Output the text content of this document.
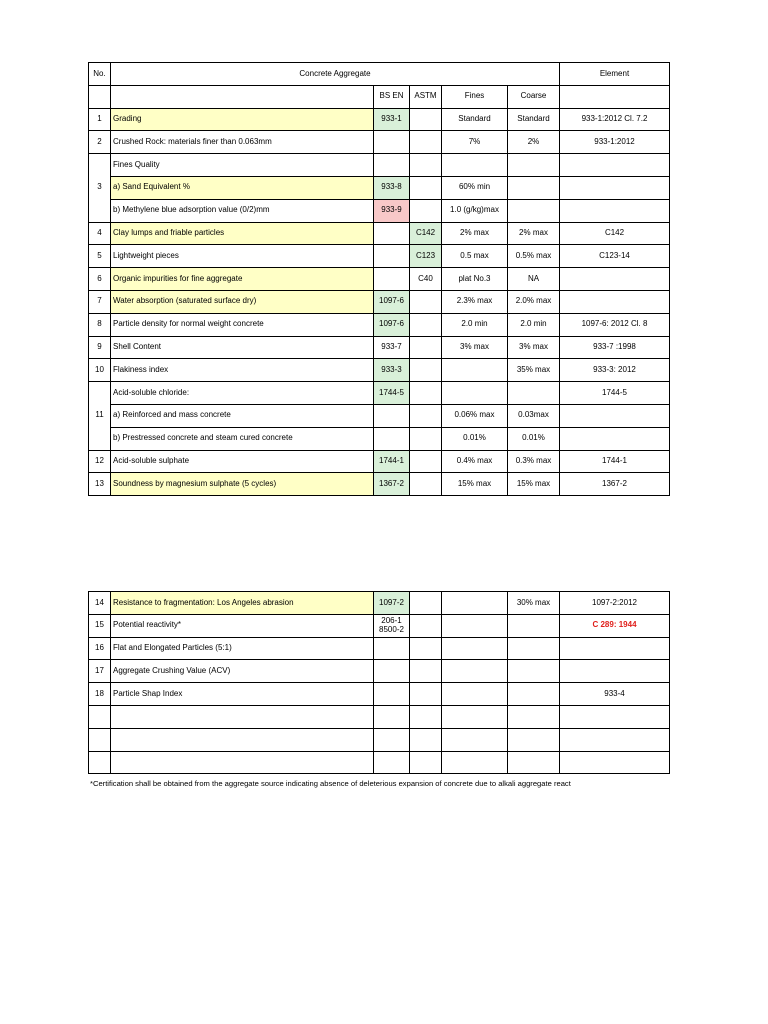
No.	Concrete Aggregate					Element
		BS EN	ASTM	Fines	Coarse	
1	Grading	933-1		Standard	Standard	933-1:2012 Cl. 7.2
2	Crushed Rock: materials finer than 0.063mm			7%	2%	933-1:2012
3	Fines Quality					
	a) Sand Equivalent %	933-8		60% min		
	b) Methylene blue adsorption value (0/2)mm	933-9		1.0 (g/kg)max		
4	Clay lumps and friable particles		C142	2% max	2% max	C142
5	Lightweight pieces		C123	0.5 max	0.5% max	C123-14
6	Organic impurities for fine aggregate		C40	plat No.3	NA	
7	Water absorption (saturated surface dry)	1097-6		2.3% max	2.0% max	
8	Particle density for normal weight concrete	1097-6		2.0 min	2.0 min	1097-6: 2012 Cl. 8
9	Shell Content	933-7		3% max	3% max	933-7 :1998
10	Flakiness index	933-3			35% max	933-3: 2012
11	Acid-soluble chloride:	1744-5				1744-5
	a) Reinforced and mass concrete			0.06% max	0.03max	
	b) Prestressed concrete and steam cured concrete			0.01%	0.01%	
12	Acid-soluble sulphate	1744-1		0.4% max	0.3% max	1744-1
13	Soundness by magnesium sulphate (5 cycles)	1367-2		15% max	15% max	1367-2
14	Resistance to fragmentation: Los Angeles abrasion	1097-2			30% max	1097-2:2012
15	Potential reactivity*	206-1
8500-2				C 289: 1944
16	Flat and Elongated Particles (5:1)					
17	Aggregate Crushing Value (ACV)					
18	Particle Shap Index					933-4

*Certification shall be obtained from the aggregate source indicating absence of deleterious expansion of concrete due to alkali aggregate react
